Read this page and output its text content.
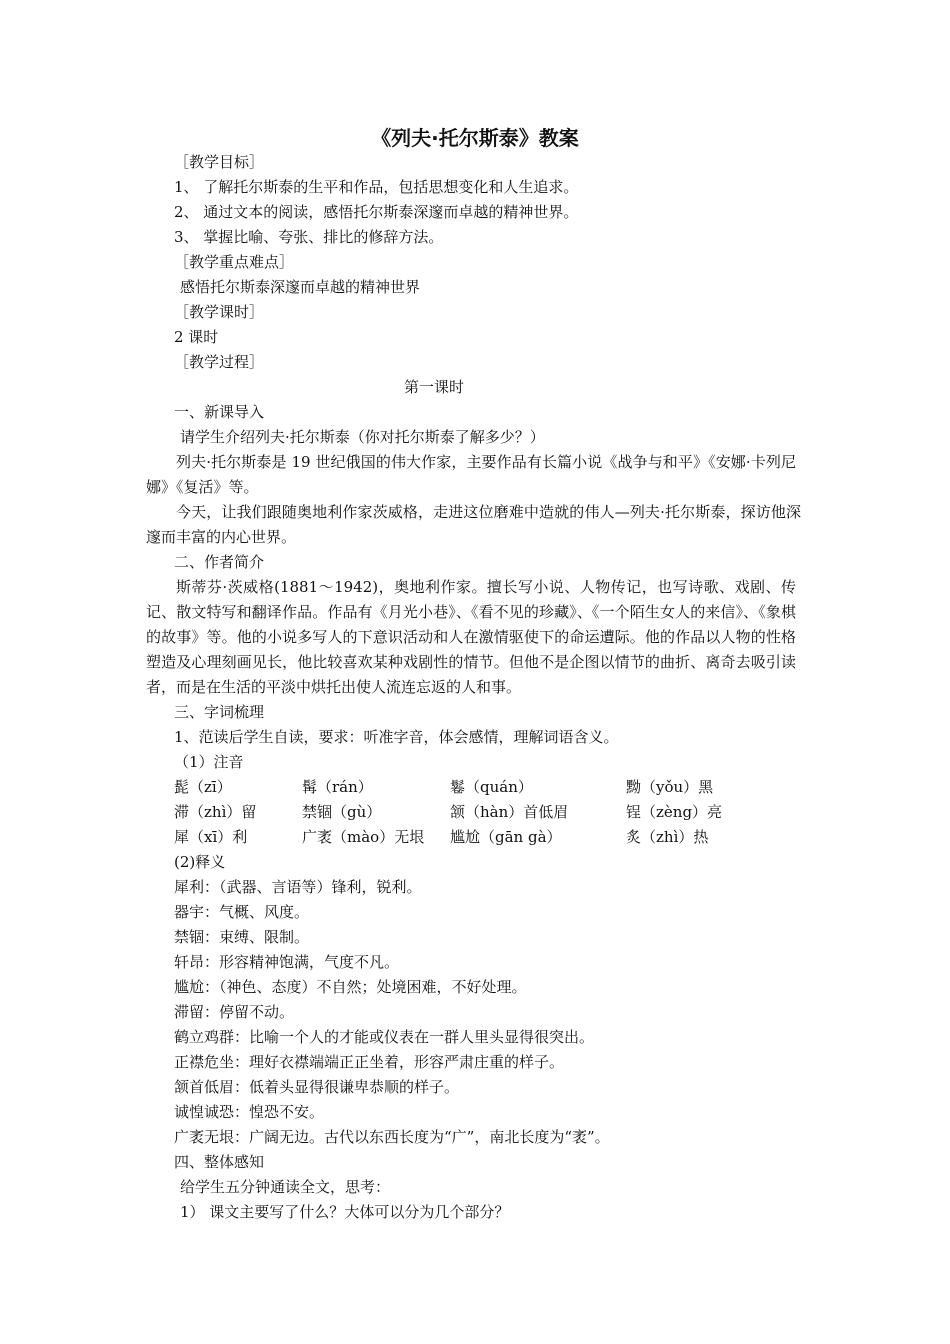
《列夫·托尔斯泰》教案
［教学目标］
1、 了解托尔斯泰的生平和作品，包括思想变化和人生追求。
2、 通过文本的阅读，感悟托尔斯泰深邃而卓越的精神世界。
3、 掌握比喻、夸张、排比的修辞方法。
［教学重点难点］
感悟托尔斯泰深邃而卓越的精神世界
［教学课时］
2 课时
［教学过程］
第一课时
一、新课导入
请学生介绍列夫·托尔斯泰（你对托尔斯泰了解多少？）
列夫·托尔斯泰是 19 世纪俄国的伟大作家，主要作品有长篇小说《战争与和平》《安娜·卡列尼娜》《复活》等。
今天，让我们跟随奥地利作家茨威格，走进这位磨难中造就的伟人—列夫·托尔斯泰，探访他深邃而丰富的内心世界。
二、作者简介
斯蒂芬·茨威格(1881～1942)，奥地利作家。擅长写小说、人物传记，也写诗歌、戏剧、传记、散文特写和翻译作品。作品有《月光小巷》、《看不见的珍藏》、《一个陌生女人的来信》、《象棋的故事》等。他的小说多写人的下意识活动和人在激情驱使下的命运遭际。他的作品以人物的性格塑造及心理刻画见长，他比较喜欢某种戏剧性的情节。但他不是企图以情节的曲折、离奇去吸引读者，而是在生活的平淡中烘托出使人流连忘返的人和事。
三、字词梳理
1、范读后学生自读，要求：听准字音，体会感情，理解词语含义。
（1）注音
髭（zī）	髯（rán）	鬈（quán）	黝（yǒu）黑
滞（zhì）留	禁锢（gù）	颔（hàn）首低眉	锃（zèng）亮
犀（xī）利	广袤（mào）无垠 尴尬（gān gà）	炙（zhì）热
(2)释义
犀利：（武器、言语等）锋利，锐利。
器宇：气概、风度。
禁锢：束缚、限制。
轩昂：形容精神饱满，气度不凡。
尴尬：（神色、态度）不自然；处境困难，不好处理。
滞留：停留不动。
鹤立鸡群：比喻一个人的才能或仪表在一群人里头显得很突出。
正襟危坐：理好衣襟端端正正坐着，形容严肃庄重的样子。
颔首低眉：低着头显得很谦卑恭顺的样子。
诚惶诚恐：惶恐不安。
广袤无垠：广阔无边。古代以东西长度为“广”，南北长度为“袤”。
四、整体感知
给学生五分钟通读全文，思考：
1） 课文主要写了什么？大体可以分为几个部分？
